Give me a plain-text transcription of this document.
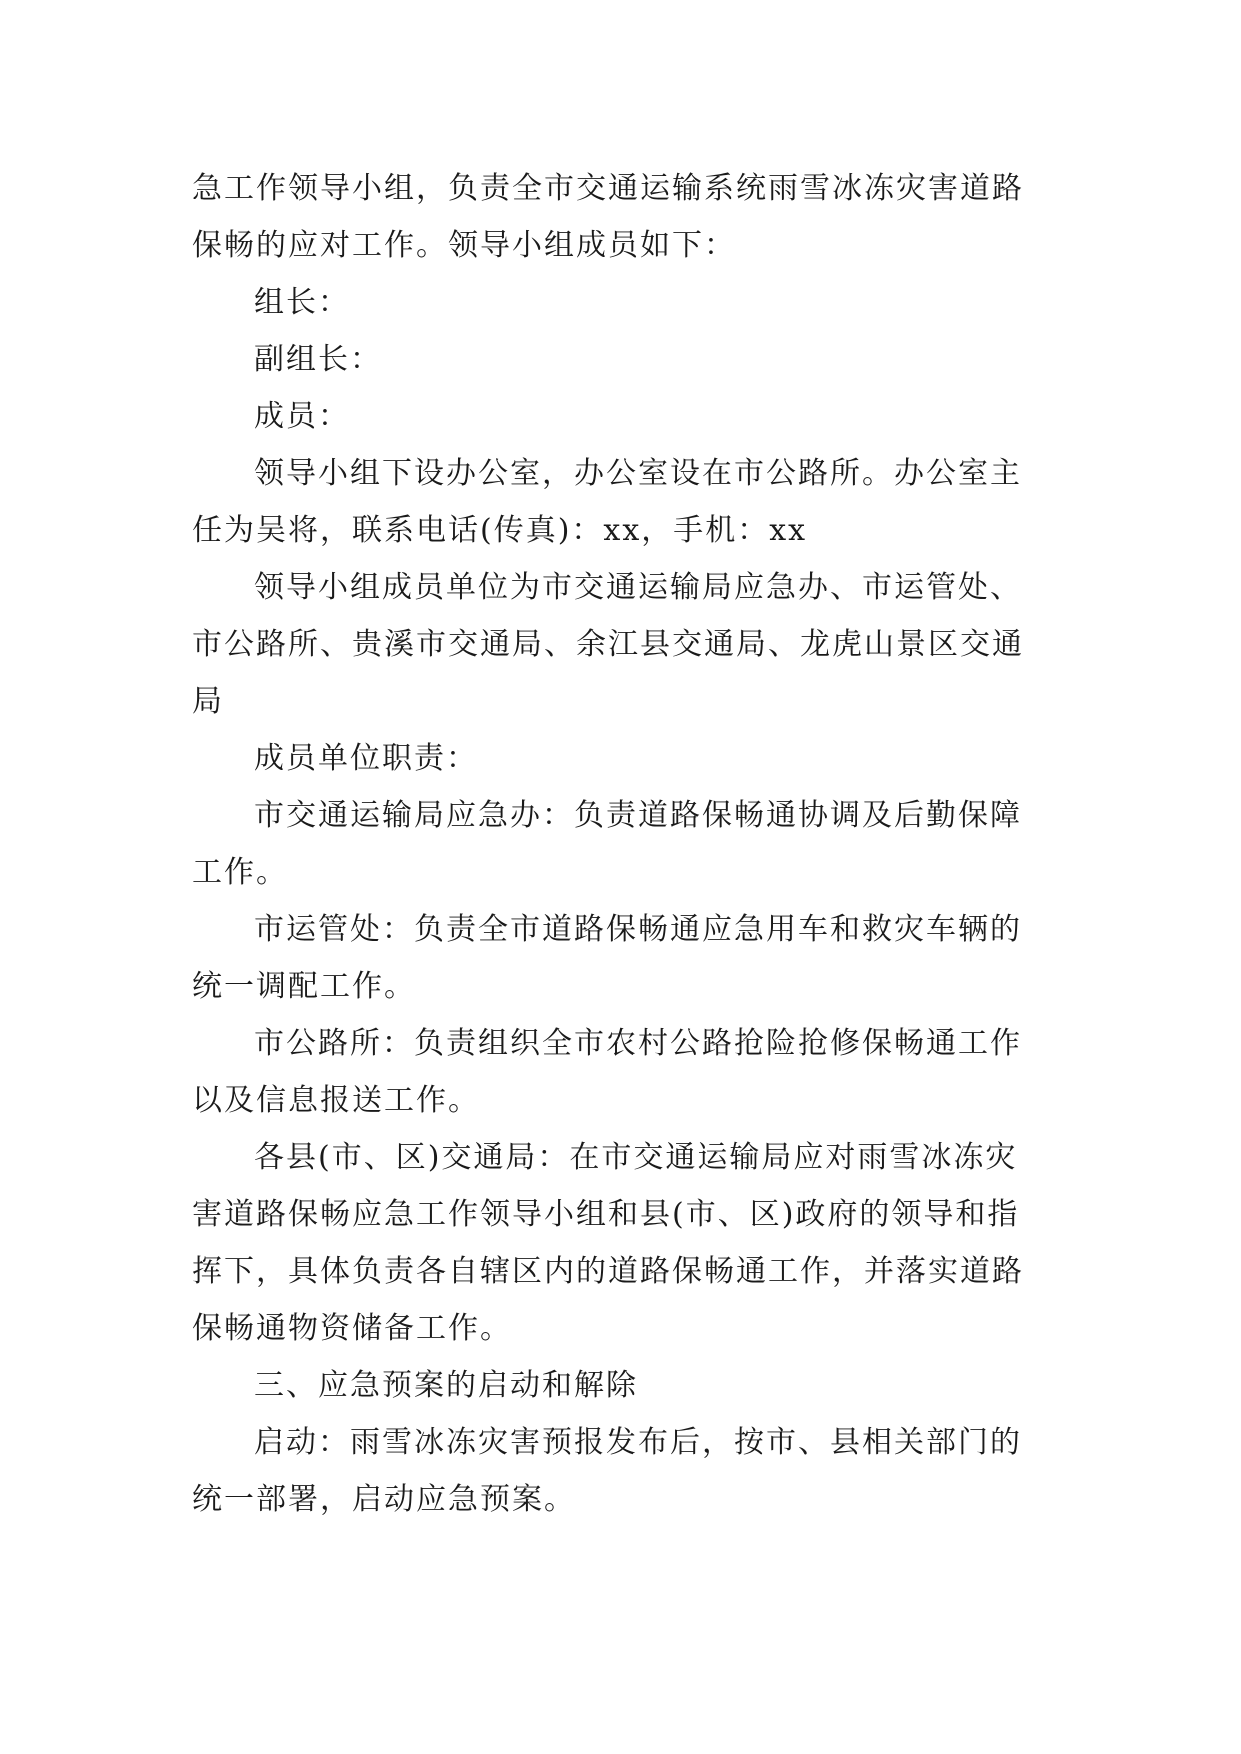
急工作领导小组，负责全市交通运输系统雨雪冰冻灾害道路
保畅的应对工作。领导小组成员如下：

组长：

副组长：

成员：

领导小组下设办公室，办公室设在市公路所。办公室主
任为吴将，联系电话(传真)：xx，手机：xx

领导小组成员单位为市交通运输局应急办、市运管处、
市公路所、贵溪市交通局、余江县交通局、龙虎山景区交通
局

成员单位职责：

市交通运输局应急办：负责道路保畅通协调及后勤保障
工作。

市运管处：负责全市道路保畅通应急用车和救灾车辆的
统一调配工作。

市公路所：负责组织全市农村公路抢险抢修保畅通工作
以及信息报送工作。

各县(市、区)交通局：在市交通运输局应对雨雪冰冻灾
害道路保畅应急工作领导小组和县(市、区)政府的领导和指
挥下，具体负责各自辖区内的道路保畅通工作，并落实道路
保畅通物资储备工作。

三、应急预案的启动和解除

启动：雨雪冰冻灾害预报发布后，按市、县相关部门的
统一部署，启动应急预案。
